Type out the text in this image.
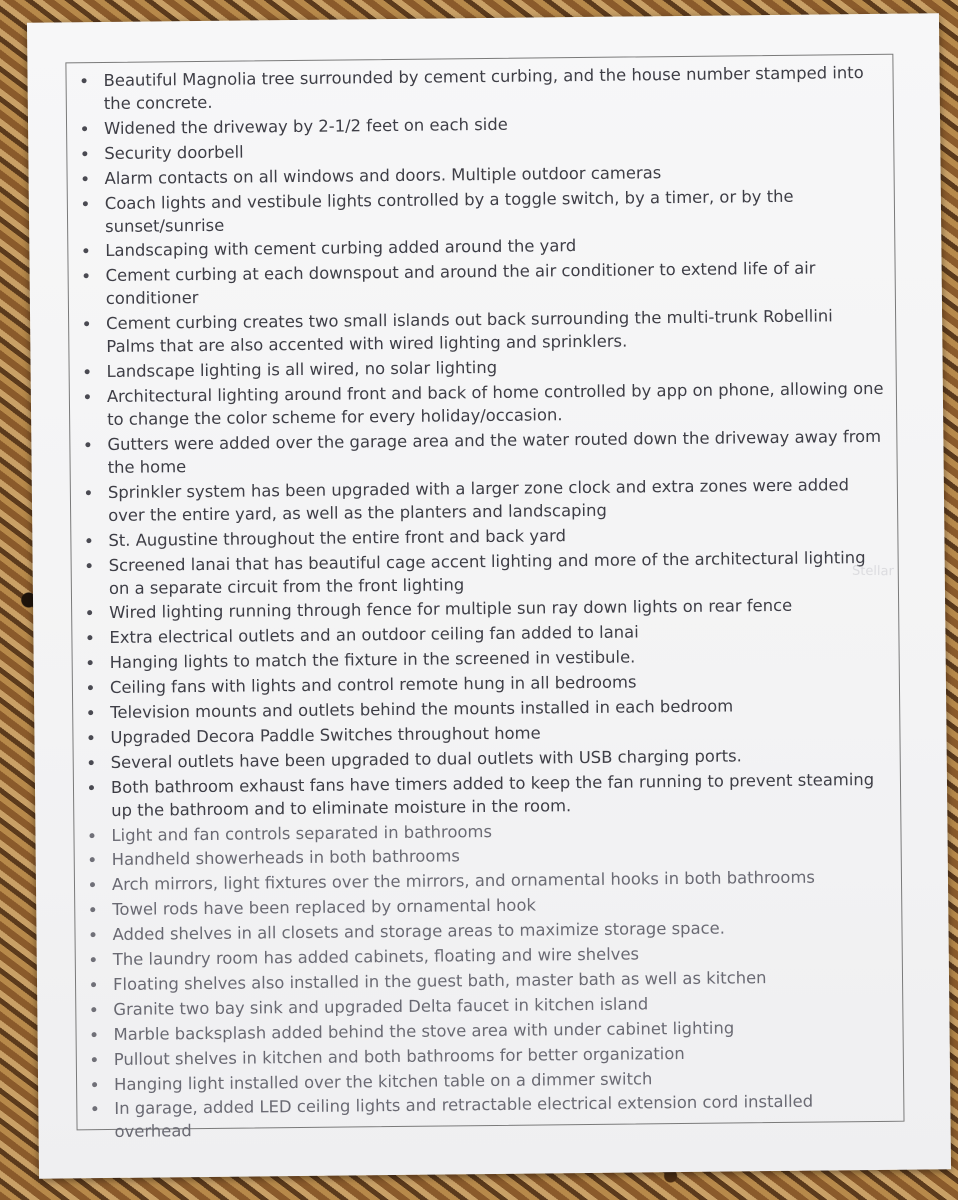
Beautiful Magnolia tree surrounded by cement curbing, and the house number stamped into the concrete.
Widened the driveway by 2-1/2 feet on each side
Security doorbell
Alarm contacts on all windows and doors. Multiple outdoor cameras
Coach lights and vestibule lights controlled by a toggle switch, by a timer, or by the sunset/sunrise
Landscaping with cement curbing added around the yard
Cement curbing at each downspout and around the air conditioner to extend life of air conditioner
Cement curbing creates two small islands out back surrounding the multi-trunk Robellini Palms that are also accented with wired lighting and sprinklers.
Landscape lighting is all wired, no solar lighting
Architectural lighting around front and back of home controlled by app on phone, allowing one to change the color scheme for every holiday/occasion.
Gutters were added over the garage area and the water routed down the driveway away from the home
Sprinkler system has been upgraded with a larger zone clock and extra zones were added over the entire yard, as well as the planters and landscaping
St. Augustine throughout the entire front and back yard
Screened lanai that has beautiful cage accent lighting and more of the architectural lighting on a separate circuit from the front lighting
Wired lighting running through fence for multiple sun ray down lights on rear fence
Extra electrical outlets and an outdoor ceiling fan added to lanai
Hanging lights to match the fixture in the screened in vestibule.
Ceiling fans with lights and control remote hung in all bedrooms
Television mounts and outlets behind the mounts installed in each bedroom
Upgraded Decora Paddle Switches throughout home
Several outlets have been upgraded to dual outlets with USB charging ports.
Both bathroom exhaust fans have timers added to keep the fan running to prevent steaming up the bathroom and to eliminate moisture in the room.
Light and fan controls separated in bathrooms
Handheld showerheads in both bathrooms
Arch mirrors, light fixtures over the mirrors, and ornamental hooks in both bathrooms
Towel rods have been replaced by ornamental hook
Added shelves in all closets and storage areas to maximize storage space.
The laundry room has added cabinets, floating and wire shelves
Floating shelves also installed in the guest bath, master bath as well as kitchen
Granite two bay sink and upgraded Delta faucet in kitchen island
Marble backsplash added behind the stove area with under cabinet lighting
Pullout shelves in kitchen and both bathrooms for better organization
Hanging light installed over the kitchen table on a dimmer switch
In garage, added LED ceiling lights and retractable electrical extension cord installed overhead
Stellar
